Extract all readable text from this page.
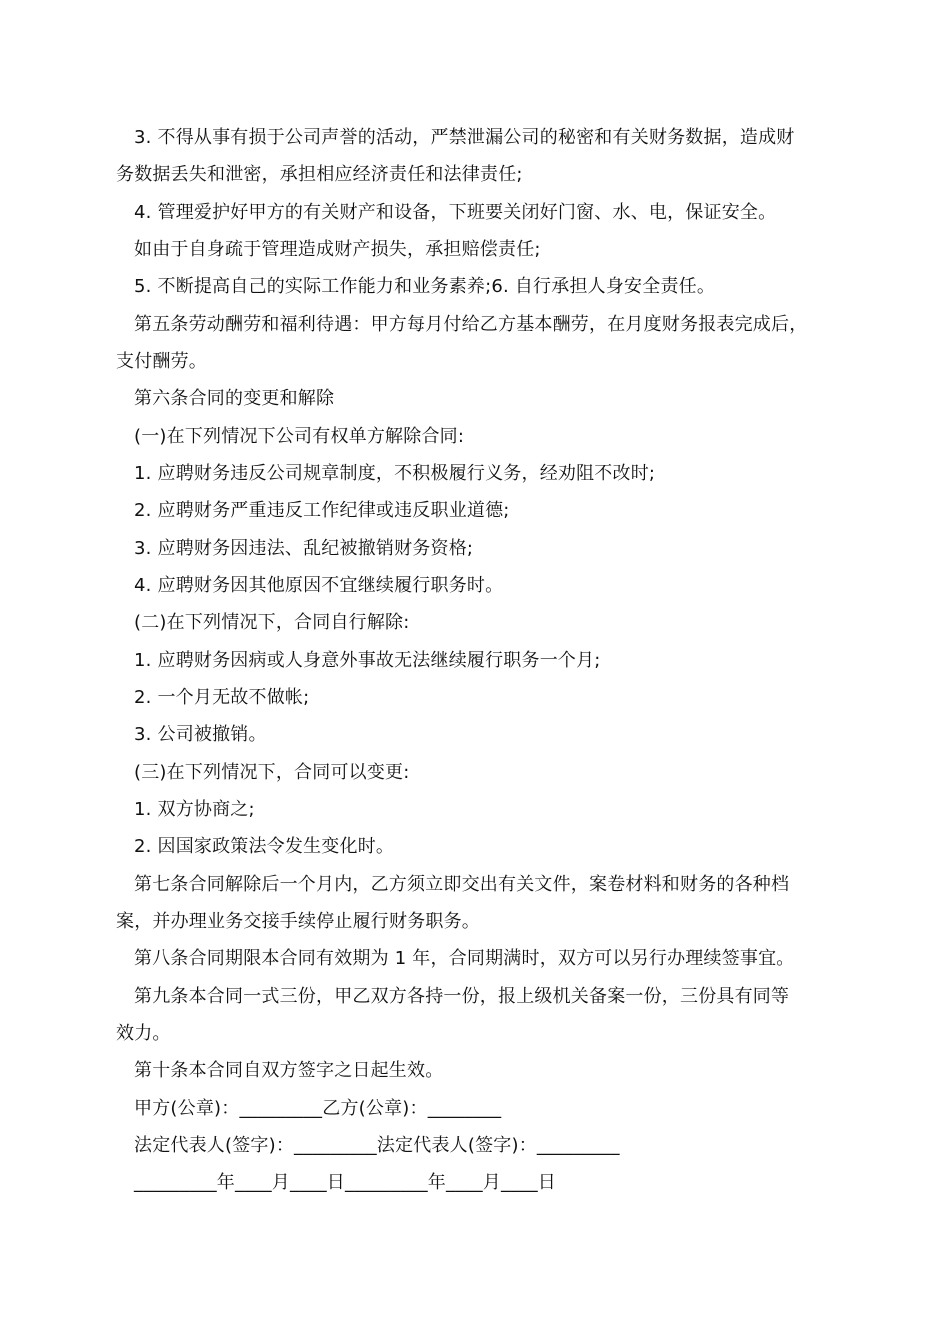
3. 不得从事有损于公司声誉的活动，严禁泄漏公司的秘密和有关财务数据，造成财
务数据丢失和泄密，承担相应经济责任和法律责任;
4. 管理爱护好甲方的有关财产和设备，下班要关闭好门窗、水、电，保证安全。
如由于自身疏于管理造成财产损失，承担赔偿责任;
5. 不断提高自己的实际工作能力和业务素养;6. 自行承担人身安全责任。
第五条劳动酬劳和福利待遇：甲方每月付给乙方基本酬劳，在月度财务报表完成后，
支付酬劳。
第六条合同的变更和解除
(一)在下列情况下公司有权单方解除合同:
1. 应聘财务违反公司规章制度，不积极履行义务，经劝阻不改时;
2. 应聘财务严重违反工作纪律或违反职业道德;
3. 应聘财务因违法、乱纪被撤销财务资格;
4. 应聘财务因其他原因不宜继续履行职务时。
(二)在下列情况下，合同自行解除:
1. 应聘财务因病或人身意外事故无法继续履行职务一个月;
2. 一个月无故不做帐;
3. 公司被撤销。
(三)在下列情况下，合同可以变更:
1. 双方协商之;
2. 因国家政策法令发生变化时。
第七条合同解除后一个月内，乙方须立即交出有关文件，案卷材料和财务的各种档
案，并办理业务交接手续停止履行财务职务。
第八条合同期限本合同有效期为 1 年，合同期满时，双方可以另行办理续签事宜。
第九条本合同一式三份，甲乙双方各持一份，报上级机关备案一份，三份具有同等
效力。
第十条本合同自双方签字之日起生效。
甲方(公章)：_________乙方(公章)：________
法定代表人(签字)：_________法定代表人(签字)：_________
_________年____月____日_________年____月____日
